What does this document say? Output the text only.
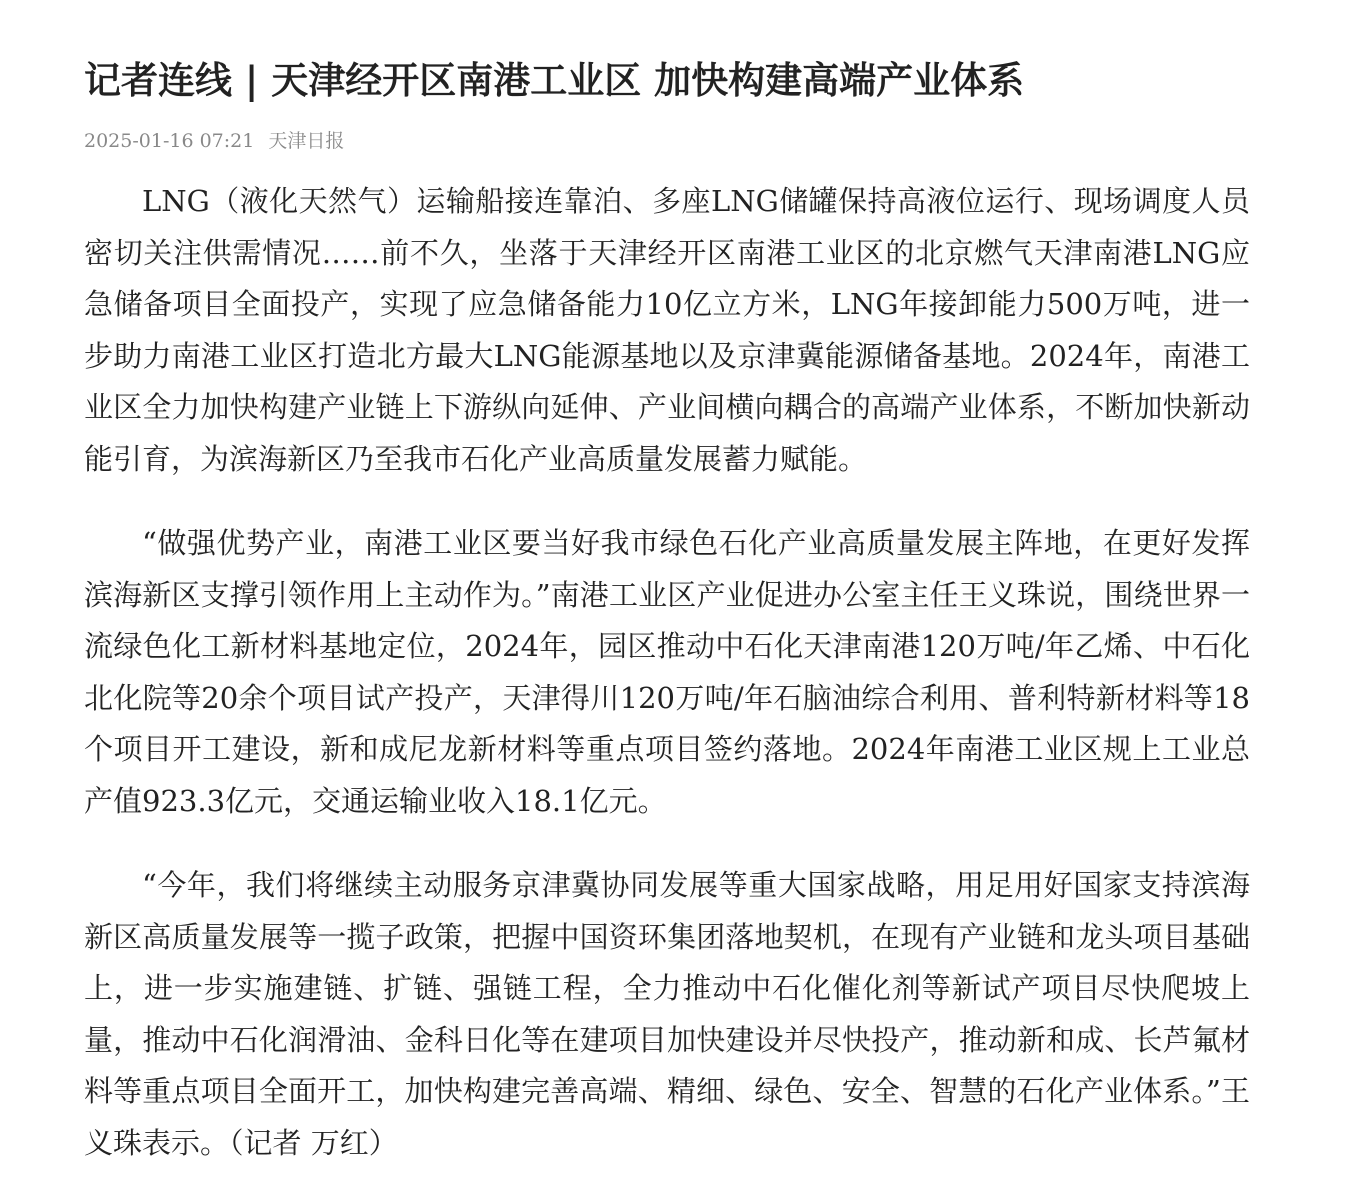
记者连线 | 天津经开区南港工业区 加快构建高端产业体系
2025-01-16 07:21 天津日报

LNG（液化天然气）运输船接连靠泊、多座LNG储罐保持高液位运行、现场调度人员密切关注供需情况……前不久，坐落于天津经开区南港工业区的北京燃气天津南港LNG应急储备项目全面投产，实现了应急储备能力10亿立方米，LNG年接卸能力500万吨，进一步助力南港工业区打造北方最大LNG能源基地以及京津冀能源储备基地。2024年，南港工业区全力加快构建产业链上下游纵向延伸、产业间横向耦合的高端产业体系，不断加快新动能引育，为滨海新区乃至我市石化产业高质量发展蓄力赋能。

“做强优势产业，南港工业区要当好我市绿色石化产业高质量发展主阵地，在更好发挥滨海新区支撑引领作用上主动作为。”南港工业区产业促进办公室主任王义珠说，围绕世界一流绿色化工新材料基地定位，2024年，园区推动中石化天津南港120万吨/年乙烯、中石化北化院等20余个项目试产投产，天津得川120万吨/年石脑油综合利用、普利特新材料等18个项目开工建设，新和成尼龙新材料等重点项目签约落地。2024年南港工业区规上工业总产值923.3亿元，交通运输业收入18.1亿元。

“今年，我们将继续主动服务京津冀协同发展等重大国家战略，用足用好国家支持滨海新区高质量发展等一揽子政策，把握中国资环集团落地契机，在现有产业链和龙头项目基础上，进一步实施建链、扩链、强链工程，全力推动中石化催化剂等新试产项目尽快爬坡上量，推动中石化润滑油、金科日化等在建项目加快建设并尽快投产，推动新和成、长芦氟材料等重点项目全面开工，加快构建完善高端、精细、绿色、安全、智慧的石化产业体系。”王义珠表示。（记者 万红）
